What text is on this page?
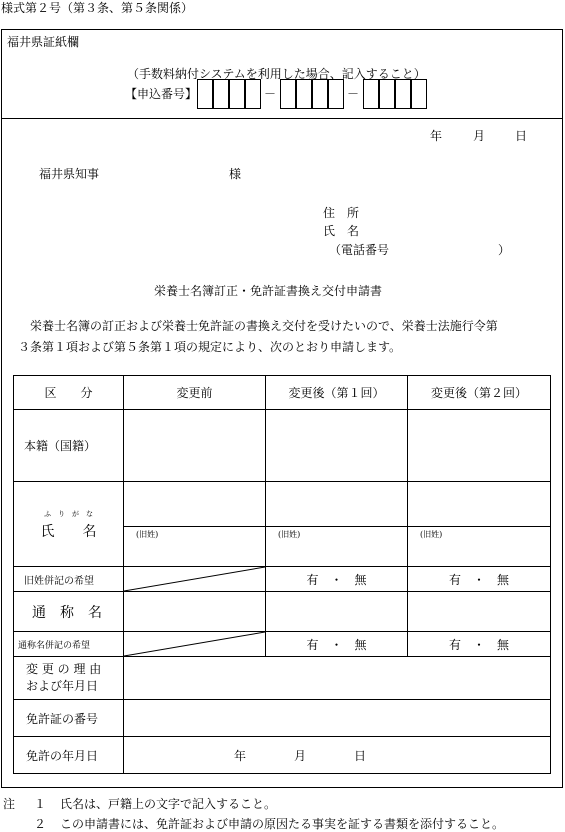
様式第２号（第３条、第５条関係）
福井県証紙欄
（手数料納付システムを利用した場合、記入すること）
【申込番号】	－	－
年	月 日
福井県知事	様
住　所
氏　名
（電話番号	）
栄養士名簿訂正・免許証書換え交付申請書
栄養士名簿の訂正および栄養士免許証の書換え交付を受けたいので、栄養士法施行令第
３条第１項および第５条第１項の規定により、次のとおり申請します。
区　　分	変更前	変更後（第１回）	変更後（第２回）
本籍（国籍）			

ふ　り　が　な
氏　　名			

	(旧姓)	(旧姓)	(旧姓)

旧姓併記の希望		有　・　無	有　・　無
通　称　名			
通称名併記の希望		有　・　無	有　・　無

変 更 の 理 由
および年月日			

免許証の番号			
免許の年月日	年　　　　月　　　　日		
注 １ 氏名は、戸籍上の文字で記入すること。
２ この申請書には、免許証および申請の原因たる事実を証する書類を添付すること。
